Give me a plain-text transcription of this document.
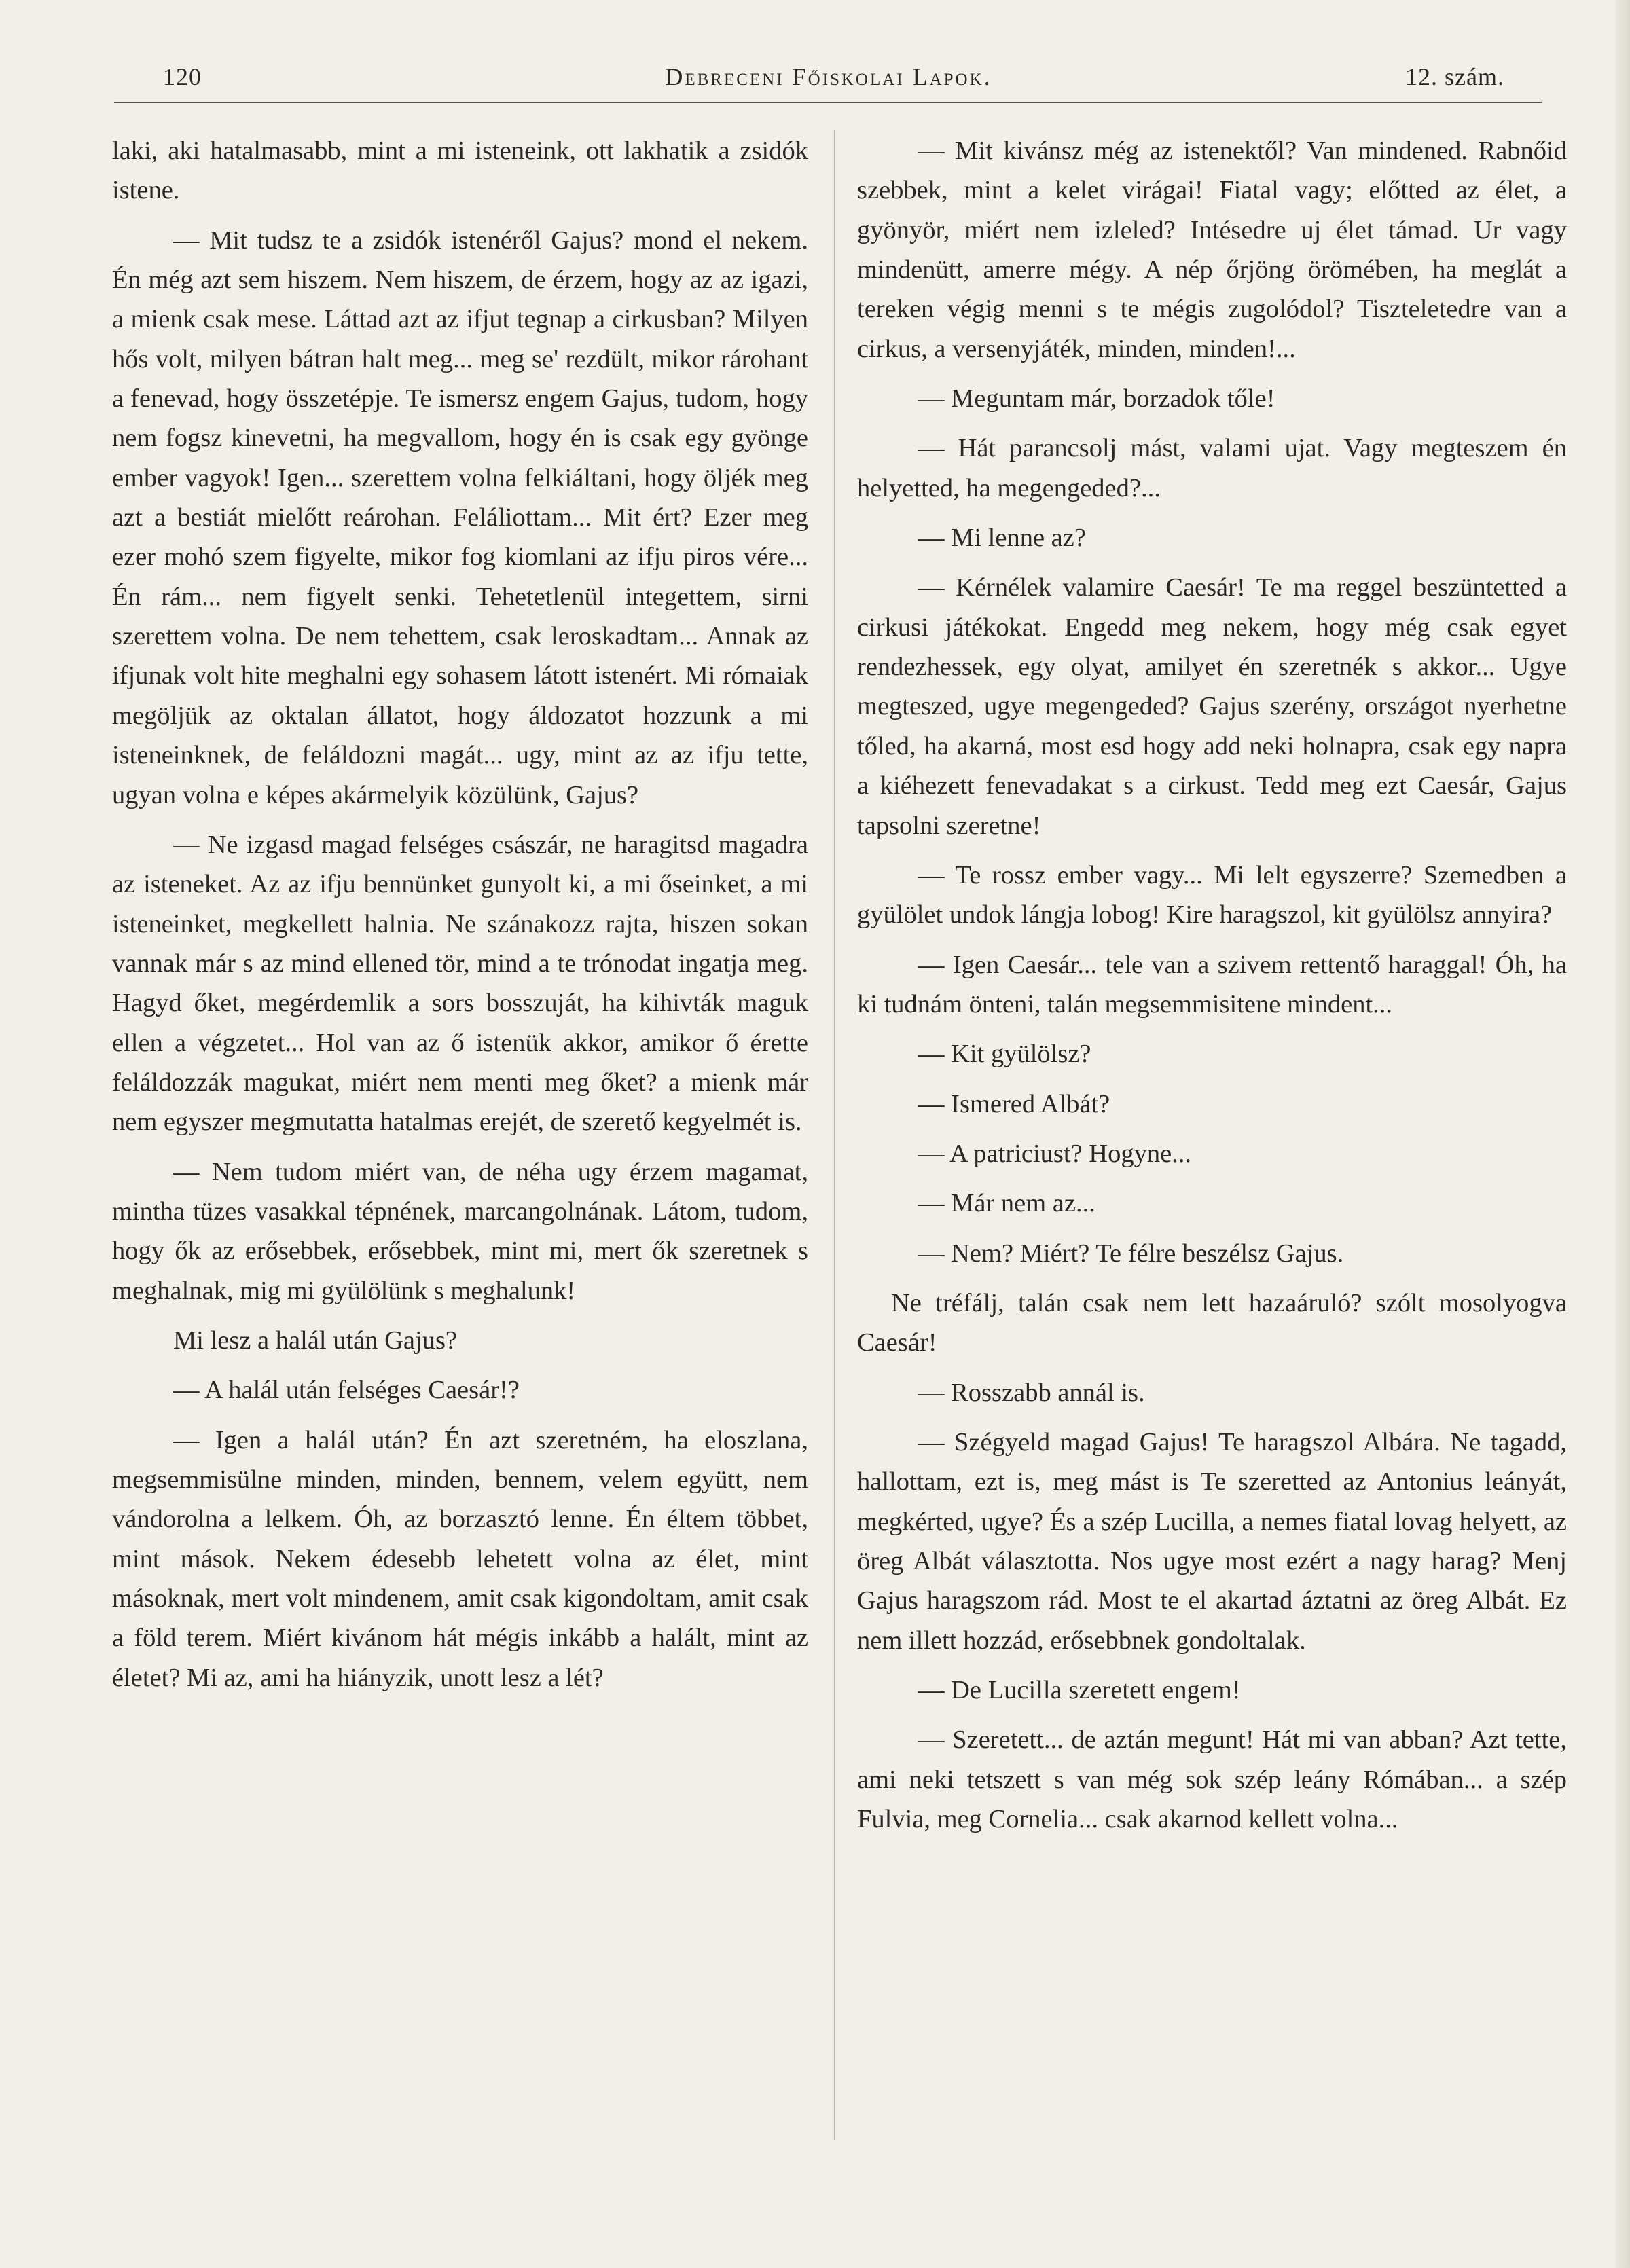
120	Debreceni Főiskolai Lapok.	12. szám.

laki, aki hatalmasabb, mint a mi isteneink, ott lakhatik a zsidók istene.

— Mit tudsz te a zsidók istenéről Gajus? mond el nekem. Én még azt sem hiszem. Nem hiszem, de érzem, hogy az az igazi, a mienk csak mese. Láttad azt az ifjut tegnap a cirkusban? Milyen hős volt, milyen bátran halt meg... meg se' rezdült, mikor rárohant a fenevad, hogy összetépje. Te ismersz engem Gajus, tudom, hogy nem fogsz kinevetni, ha megvallom, hogy én is csak egy gyönge ember vagyok! Igen... szerettem volna felkiáltani, hogy öljék meg azt a bestiát mielőtt reárohan. Feláliottam... Mit ért? Ezer meg ezer mohó szem figyelte, mikor fog kiomlani az ifju piros vére... Én rám... nem figyelt senki. Tehetetlenül integettem, sirni szerettem volna. De nem tehettem, csak leroskadtam... Annak az ifjunak volt hite meghalni egy sohasem látott istenért. Mi rómaiak megöljük az oktalan állatot, hogy áldozatot hozzunk a mi isteneinknek, de feláldozni magát... ugy, mint az az ifju tette, ugyan volna e képes akármelyik közülünk, Gajus?

— Ne izgasd magad felséges császár, ne haragitsd magadra az isteneket. Az az ifju bennünket gunyolt ki, a mi őseinket, a mi isteneinket, megkellett halnia. Ne szánakozz rajta, hiszen sokan vannak már s az mind ellened tör, mind a te trónodat ingatja meg. Hagyd őket, megérdemlik a sors bosszuját, ha kihivták maguk ellen a végzetet... Hol van az ő istenük akkor, amikor ő érette feláldozzák magukat, miért nem menti meg őket? a mienk már nem egyszer megmutatta hatalmas erejét, de szerető kegyelmét is.

— Nem tudom miért van, de néha ugy érzem magamat, mintha tüzes vasakkal tépnének, marcangolnának. Látom, tudom, hogy ők az erősebbek, erősebbek, mint mi, mert ők szeretnek s meghalnak, mig mi gyülölünk s meghalunk!

Mi lesz a halál után Gajus?

— A halál után felséges Caesár!?

— Igen a halál után? Én azt szeretném, ha eloszlana, megsemmisülne minden, minden, bennem, velem együtt, nem vándorolna a lelkem. Óh, az borzasztó lenne. Én éltem többet, mint mások. Nekem édesebb lehetett volna az élet, mint másoknak, mert volt mindenem, amit csak kigondoltam, amit csak a föld terem. Miért kivánom hát mégis inkább a halált, mint az életet? Mi az, ami ha hiányzik, unott lesz a lét?

— Mit kivánsz még az istenektől? Van mindened. Rabnőid szebbek, mint a kelet virágai! Fiatal vagy; előtted az élet, a gyönyör, miért nem izleled? Intésedre uj élet támad. Ur vagy mindenütt, amerre mégy. A nép őrjöng örömében, ha meglát a tereken végig menni s te mégis zugolódol? Tiszteletedre van a cirkus, a versenyjáték, minden, minden!...

— Meguntam már, borzadok tőle!

— Hát parancsolj mást, valami ujat. Vagy megteszem én helyetted, ha megengeded?...

— Mi lenne az?

— Kérnélek valamire Caesár! Te ma reggel beszüntetted a cirkusi játékokat. Engedd meg nekem, hogy még csak egyet rendezhessek, egy olyat, amilyet én szeretnék s akkor... Ugye megteszed, ugye megengeded? Gajus szerény, országot nyerhetne tőled, ha akarná, most esd hogy add neki holnapra, csak egy napra a kiéhezett fenevadakat s a cirkust. Tedd meg ezt Caesár, Gajus tapsolni szeretne!

— Te rossz ember vagy... Mi lelt egyszerre? Szemedben a gyülölet undok lángja lobog! Kire haragszol, kit gyülölsz annyira?

— Igen Caesár... tele van a szivem rettentő haraggal! Óh, ha ki tudnám önteni, talán megsemmisitene mindent...

— Kit gyülölsz?

— Ismered Albát?

— A patriciust? Hogyne...

— Már nem az...

— Nem? Miért? Te félre beszélsz Gajus.

Ne tréfálj, talán csak nem lett hazaáruló? szólt mosolyogva Caesár!

— Rosszabb annál is.

— Szégyeld magad Gajus! Te haragszol Albára. Ne tagadd, hallottam, ezt is, meg mást is Te szeretted az Antonius leányát, megkérted, ugye? És a szép Lucilla, a nemes fiatal lovag helyett, az öreg Albát választotta. Nos ugye most ezért a nagy harag? Menj Gajus haragszom rád. Most te el akartad áztatni az öreg Albát. Ez nem illett hozzád, erősebbnek gondoltalak.

— De Lucilla szeretett engem!

— Szeretett... de aztán megunt! Hát mi van abban? Azt tette, ami neki tetszett s van még sok szép leány Rómában... a szép Fulvia, meg Cornelia... csak akarnod kellett volna...
